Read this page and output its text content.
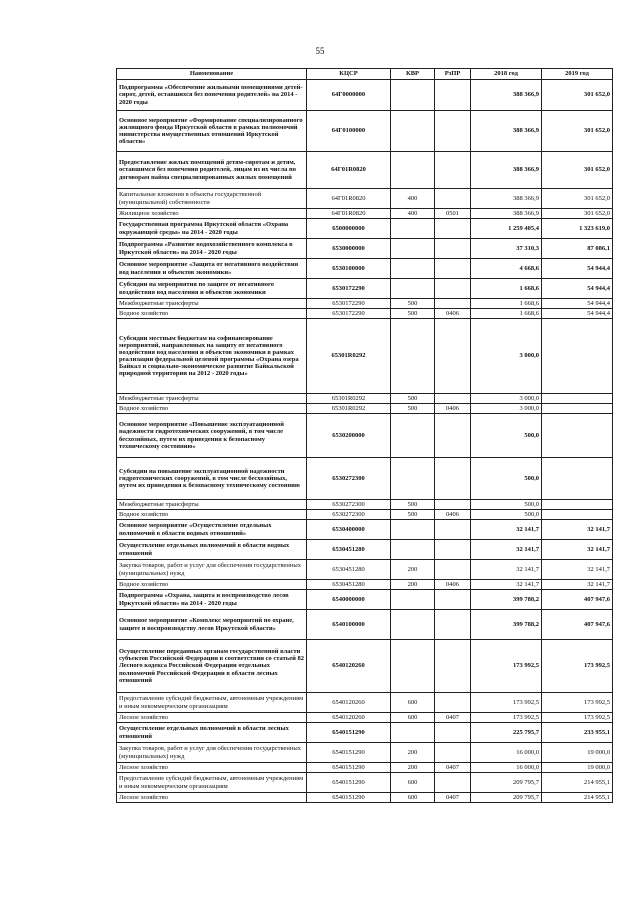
55
Наименование	КЦСР	КВР	РзПР	2018 год	2019 год
Подпрограмма «Обеспечение жильными помещениями детей-сирот, детей, оставшихся без попечения родителей» на 2014 - 2020 годы	64Г0000000			388 366,9	301 652,0
Основное мероприятие «Формирование специализированного жилищного фонда Иркутской области в рамках полномочий министерства имущественных отношений Иркутской области»	64Г0100000			388 366,9	301 652,0
Предоставление жилых помещений детям-сиротам и детям, оставшимся без попечения родителей, лицам из их числа по договорам найма специализированных жилых помещений	64Г01R0820			388 366,9	301 652,0
Капитальные вложения в объекты государственной (муниципальной) собственности	64Г01R0820	400		388 366,9	301 652,0
Жилищное хозяйство	64Г01R0820	400	0501	388 366,9	301 652,0
Государственная программа Иркутской области «Охрана окружающей среды» на 2014 - 2020 годы	6500000000			1 259 405,4	1 323 619,0
Подпрограмма «Развитие водохозяйственного комплекса в Иркутской области» на 2014 - 2020 годы	6530000000			37 310,3	87 086,1
Основное мероприятие «Защита от негативного воздействия вод населения и объектов экономики»	6530100000			4 668,6	54 944,4
Субсидии на мероприятия по защите от негативного воздействия вод населения и объектов экономики	6530172290			1 668,6	54 944,4
Межбюджетные трансферты	6530172290	500		1 668,6	54 944,4
Водное хозяйство	6530172290	500	0406	1 668,6	54 944,4
Субсидии местным бюджетам на софинансирование мероприятий, направленных на защиту от негативного воздействия вод населения и объектов экономики в рамках реализации федеральной целевой программы «Охрана озера Байкал и социально-экономическое развитие Байкальской природной территории на 2012 - 2020 годы»	65301R0292			3 000,0	
Межбюджетные трансферты	65301R0292	500		3 000,0	
Водное хозяйство	65301R0292	500	0406	3 000,0	
Основное мероприятие «Повышение эксплуатационной надежности гидротехнических сооружений, в том числе бесхозяйных, путем их приведения к безопасному техническому состоянию»	6530200000			500,0	
Субсидии на повышение эксплуатационной надежности гидротехнических сооружений, в том числе бесхозяйных, путем их приведения к безопасному техническому состоянию	6530272300			500,0	
Межбюджетные трансферты	6530272300	500		500,0	
Водное хозяйство	6530272300	500	0406	500,0	
Основное мероприятие «Осуществление отдельных полномочий в области водных отношений»	6530400000			32 141,7	32 141,7
Осуществление отдельных полномочий в области водных отношений	6530451280			32 141,7	32 141,7
Закупка товаров, работ и услуг для обеспечения государственных (муниципальных) нужд	6530451280	200		32 141,7	32 141,7
Водное хозяйство	6530451280	200	0406	32 141,7	32 141,7
Подпрограмма «Охрана, защита и воспроизводство лесов Иркутской области» на 2014 - 2020 годы	6540000000			399 788,2	407 947,6
Основное мероприятие «Комплекс мероприятий по охране, защите и воспроизводству лесов Иркутской области»	6540100000			399 788,2	407 947,6
Осуществление переданных органам государственной власти субъектов Российской Федерации в соответствии со статьей 82 Лесного кодекса Российской Федерации отдельных полномочий Российской Федерации в области лесных отношений	6540120260			173 992,5	173 992,5
Предоставление субсидий бюджетным, автономным учреждениям и иным некоммерческим организациям	6540120260	600		173 992,5	173 992,5
Лесное хозяйство	6540120260	600	0407	173 992,5	173 992,5
Осуществление отдельных полномочий в области лесных отношений	6540151290			225 795,7	233 955,1
Закупка товаров, работ и услуг для обеспечения государственных (муниципальных) нужд	6540151290	200		16 000,0	19 000,0
Лесное хозяйство	6540151290	200	0407	16 000,0	19 000,0
Предоставление субсидий бюджетным, автономным учреждениям и иным некоммерческим организациям	6540151290	600		209 795,7	214 955,1
Лесное хозяйство	6540151290	600	0407	209 795,7	214 955,1
